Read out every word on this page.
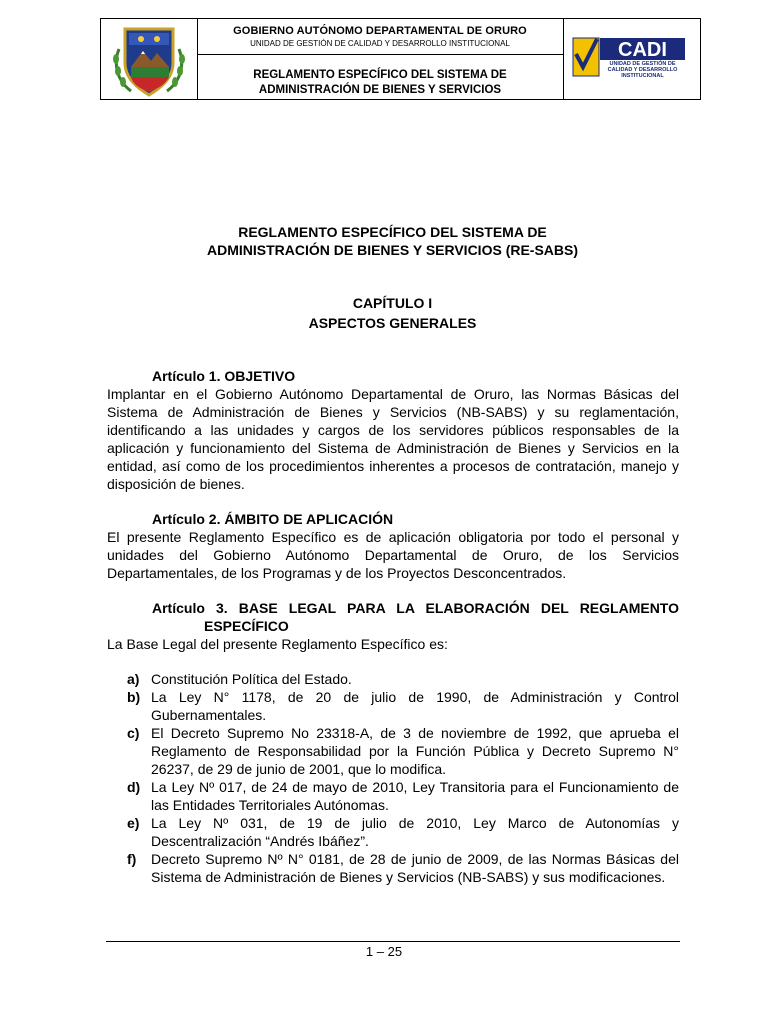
GOBIERNO AUTÓNOMO DEPARTAMENTAL DE ORURO
UNIDAD DE GESTIÓN DE CALIDAD Y DESARROLLO INSTITUCIONAL
REGLAMENTO ESPECÍFICO DEL SISTEMA DE
ADMINISTRACIÓN DE BIENES Y SERVICIOS
CADI
UNIDAD DE GESTIÓN DE
CALIDAD Y DESARROLLO
INSTITUCIONAL
REGLAMENTO ESPECÍFICO DEL SISTEMA DE
ADMINISTRACIÓN DE BIENES Y SERVICIOS (RE-SABS)
CAPÍTULO I
ASPECTOS GENERALES
Artículo 1. OBJETIVO
Implantar en el Gobierno Autónomo Departamental de Oruro, las Normas Básicas del Sistema de Administración de Bienes y Servicios (NB-SABS) y su reglamentación, identificando a las unidades y cargos de los servidores públicos responsables de la aplicación y funcionamiento del Sistema de Administración de Bienes y Servicios en la entidad, así como de los procedimientos inherentes a procesos de contratación, manejo y disposición de bienes.
Artículo 2. ÁMBITO DE APLICACIÓN
El presente Reglamento Específico es de aplicación obligatoria por todo el personal y unidades del Gobierno Autónomo Departamental de Oruro, de los Servicios Departamentales, de los Programas y de los Proyectos Desconcentrados.
Artículo 3. BASE LEGAL PARA LA ELABORACIÓN DEL REGLAMENTO
ESPECÍFICO
La Base Legal del presente Reglamento Específico es:
a) Constitución Política del Estado.
b) La Ley N° 1178, de 20 de julio de 1990, de Administración y Control Gubernamentales.
c) El Decreto Supremo No 23318-A, de 3 de noviembre de 1992, que aprueba el Reglamento de Responsabilidad por la Función Pública y Decreto Supremo N° 26237, de 29 de junio de 2001, que lo modifica.
d) La Ley Nº 017, de 24 de mayo de 2010, Ley Transitoria para el Funcionamiento de las Entidades Territoriales Autónomas.
e) La Ley Nº 031, de 19 de julio de 2010, Ley Marco de Autonomías y Descentralización “Andrés Ibáñez”.
f) Decreto Supremo Nº N° 0181, de 28 de junio de 2009, de las Normas Básicas del Sistema de Administración de Bienes y Servicios (NB-SABS) y sus modificaciones.
1 – 25
